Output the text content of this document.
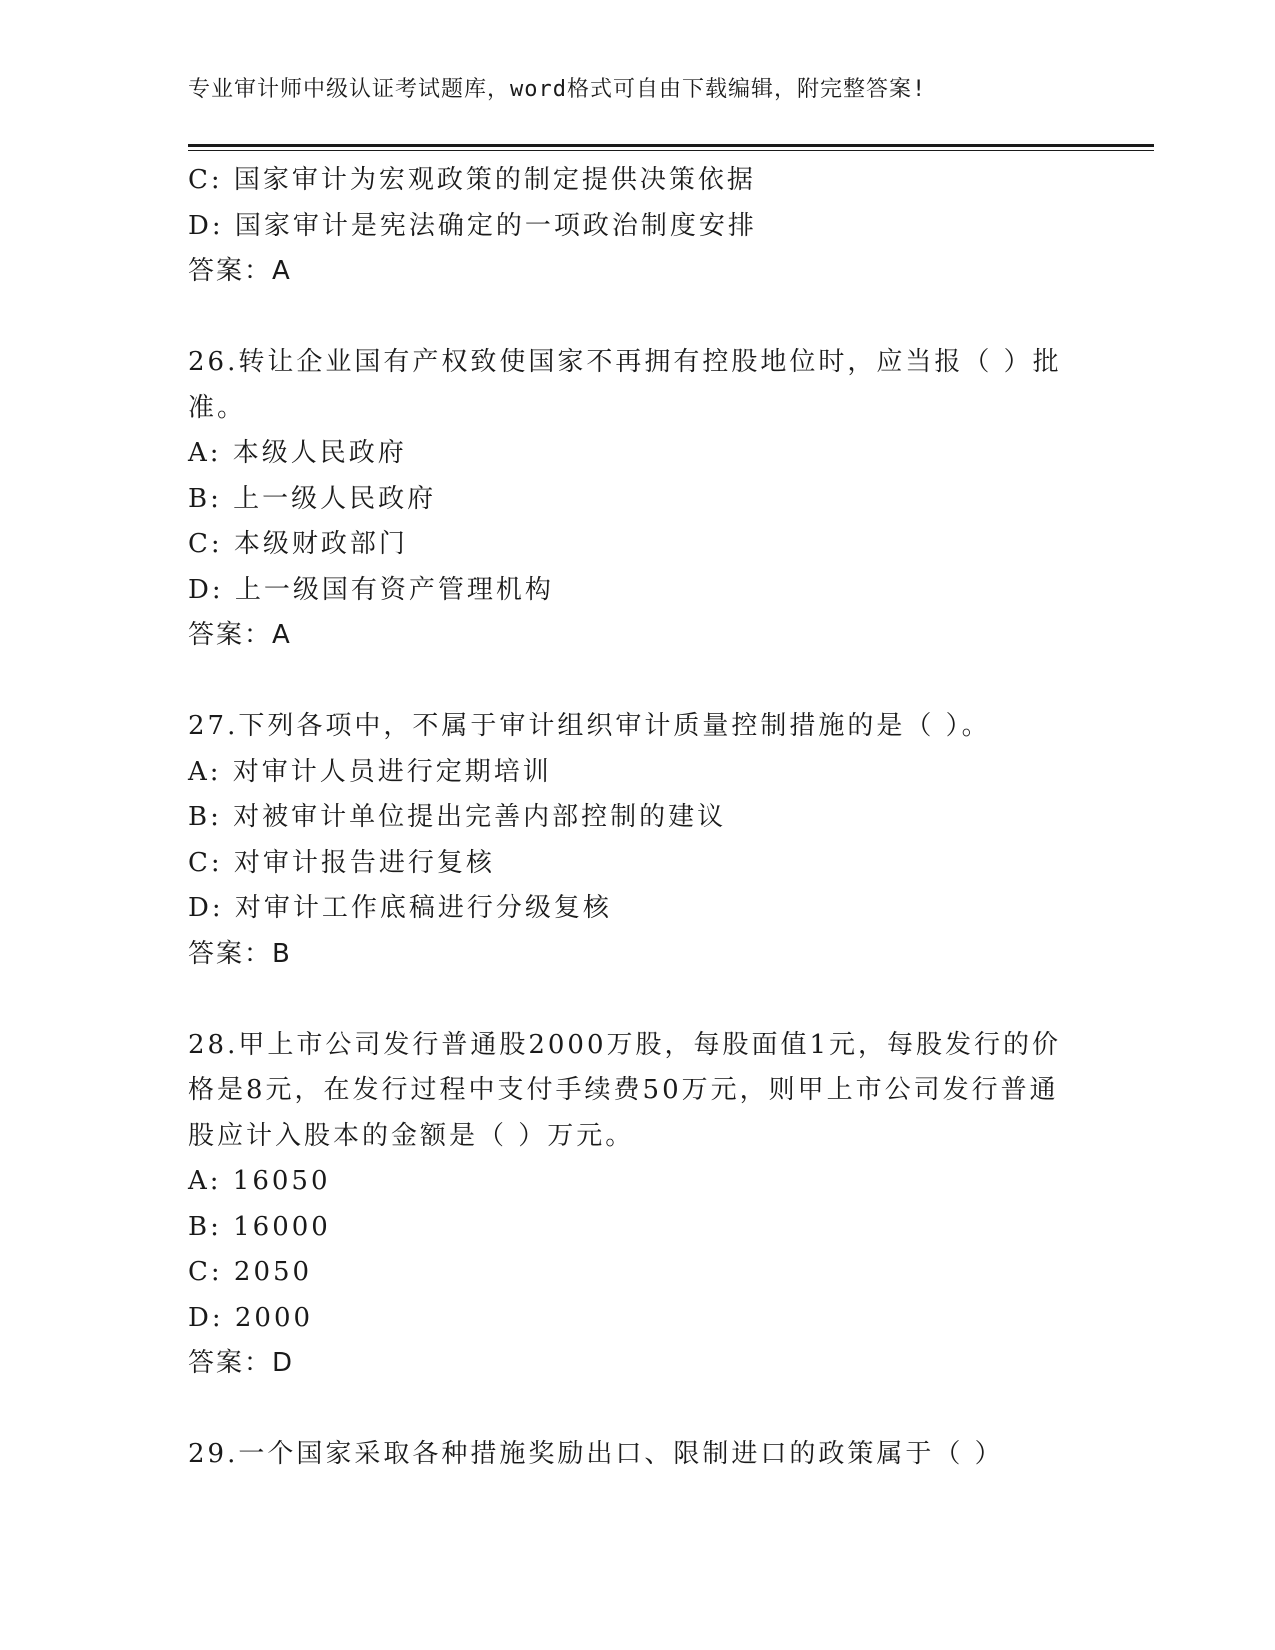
专业审计师中级认证考试题库，word格式可自由下载编辑，附完整答案!
C: 国家审计为宏观政策的制定提供决策依据
D: 国家审计是宪法确定的一项政治制度安排
答案：A
26.转让企业国有产权致使国家不再拥有控股地位时，应当报（ ）批
准。
A: 本级人民政府
B: 上一级人民政府
C: 本级财政部门
D: 上一级国有资产管理机构
答案：A
27.下列各项中，不属于审计组织审计质量控制措施的是（ ）。
A: 对审计人员进行定期培训
B: 对被审计单位提出完善内部控制的建议
C: 对审计报告进行复核
D: 对审计工作底稿进行分级复核
答案：B
28.甲上市公司发行普通股2000万股，每股面值1元，每股发行的价
格是8元，在发行过程中支付手续费50万元，则甲上市公司发行普通
股应计入股本的金额是（ ）万元。
A: 16050
B: 16000
C: 2050
D: 2000
答案：D
29.一个国家采取各种措施奖励出口、限制进口的政策属于（ ）
